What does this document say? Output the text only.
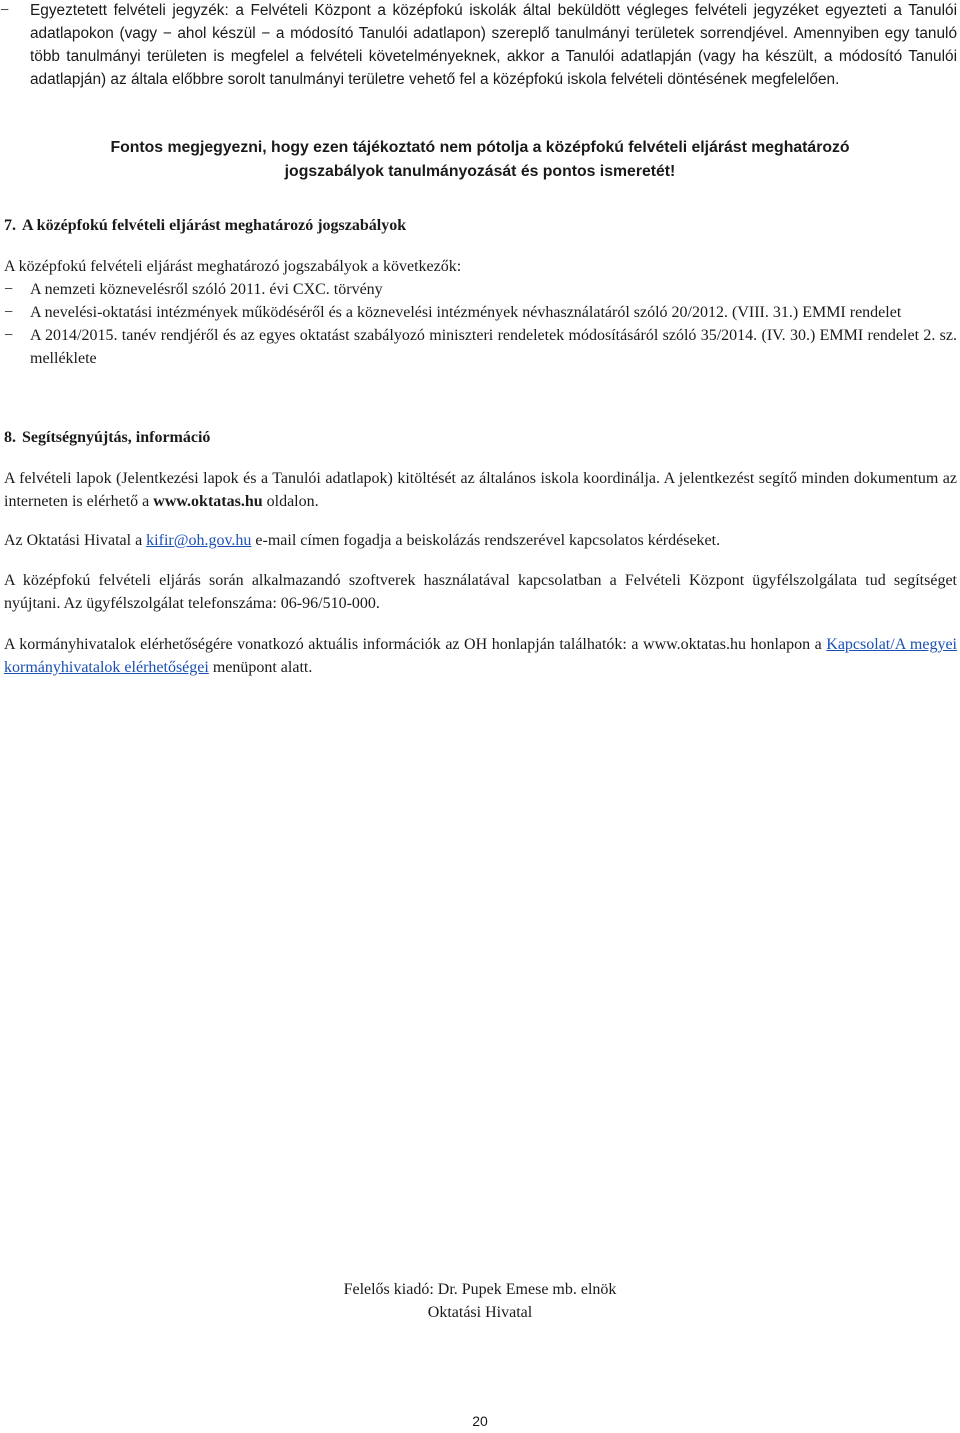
−	Egyeztetett felvételi jegyzék: a Felvételi Központ a középfokú iskolák által beküldött végleges felvételi jegyzéket egyezteti a Tanulói adatlapokon (vagy − ahol készül − a módosító Tanulói adatlapon) szereplő tanulmányi területek sorrendjével. Amennyiben egy tanuló több tanulmányi területen is megfelel a felvételi követelményeknek, akkor a Tanulói adatlapján (vagy ha készült, a módosító Tanulói adatlapján) az általa előbbre sorolt tanulmányi területre vehető fel a középfokú iskola felvételi döntésének megfelelően.
Fontos megjegyezni, hogy ezen tájékoztató nem pótolja a középfokú felvételi eljárást meghatározó
jogszabályok tanulmányozását és pontos ismeretét!
7. A középfokú felvételi eljárást meghatározó jogszabályok

A középfokú felvételi eljárást meghatározó jogszabályok a következők:

−	A nemzeti köznevelésről szóló 2011. évi CXC. törvény
−	A nevelési-oktatási intézmények működéséről és a köznevelési intézmények névhasználatáról szóló 20/2012. (VIII. 31.) EMMI rendelet
−	A 2014/2015. tanév rendjéről és az egyes oktatást szabályozó miniszteri rendeletek módosításáról szóló 35/2014. (IV. 30.) EMMI rendelet 2. sz. melléklete
8. Segítségnyújtás, információ

A felvételi lapok (Jelentkezési lapok és a Tanulói adatlapok) kitöltését az általános iskola koordinálja. A jelentkezést segítő minden dokumentum az interneten is elérhető a www.oktatas.hu oldalon.

Az Oktatási Hivatal a kifir@oh.gov.hu e-mail címen fogadja a beiskolázás rendszerével kapcsolatos kérdéseket.

A középfokú felvételi eljárás során alkalmazandó szoftverek használatával kapcsolatban a Felvételi Központ ügyfélszolgálata tud segítséget nyújtani. Az ügyfélszolgálat telefonszáma: 06-96/510-000.

A kormányhivatalok elérhetőségére vonatkozó aktuális információk az OH honlapján találhatók: a www.oktatas.hu honlapon a Kapcsolat/A megyei kormányhivatalok elérhetőségei menüpont alatt.

Felelős kiadó: Dr. Pupek Emese mb. elnök
Oktatási Hivatal
20
